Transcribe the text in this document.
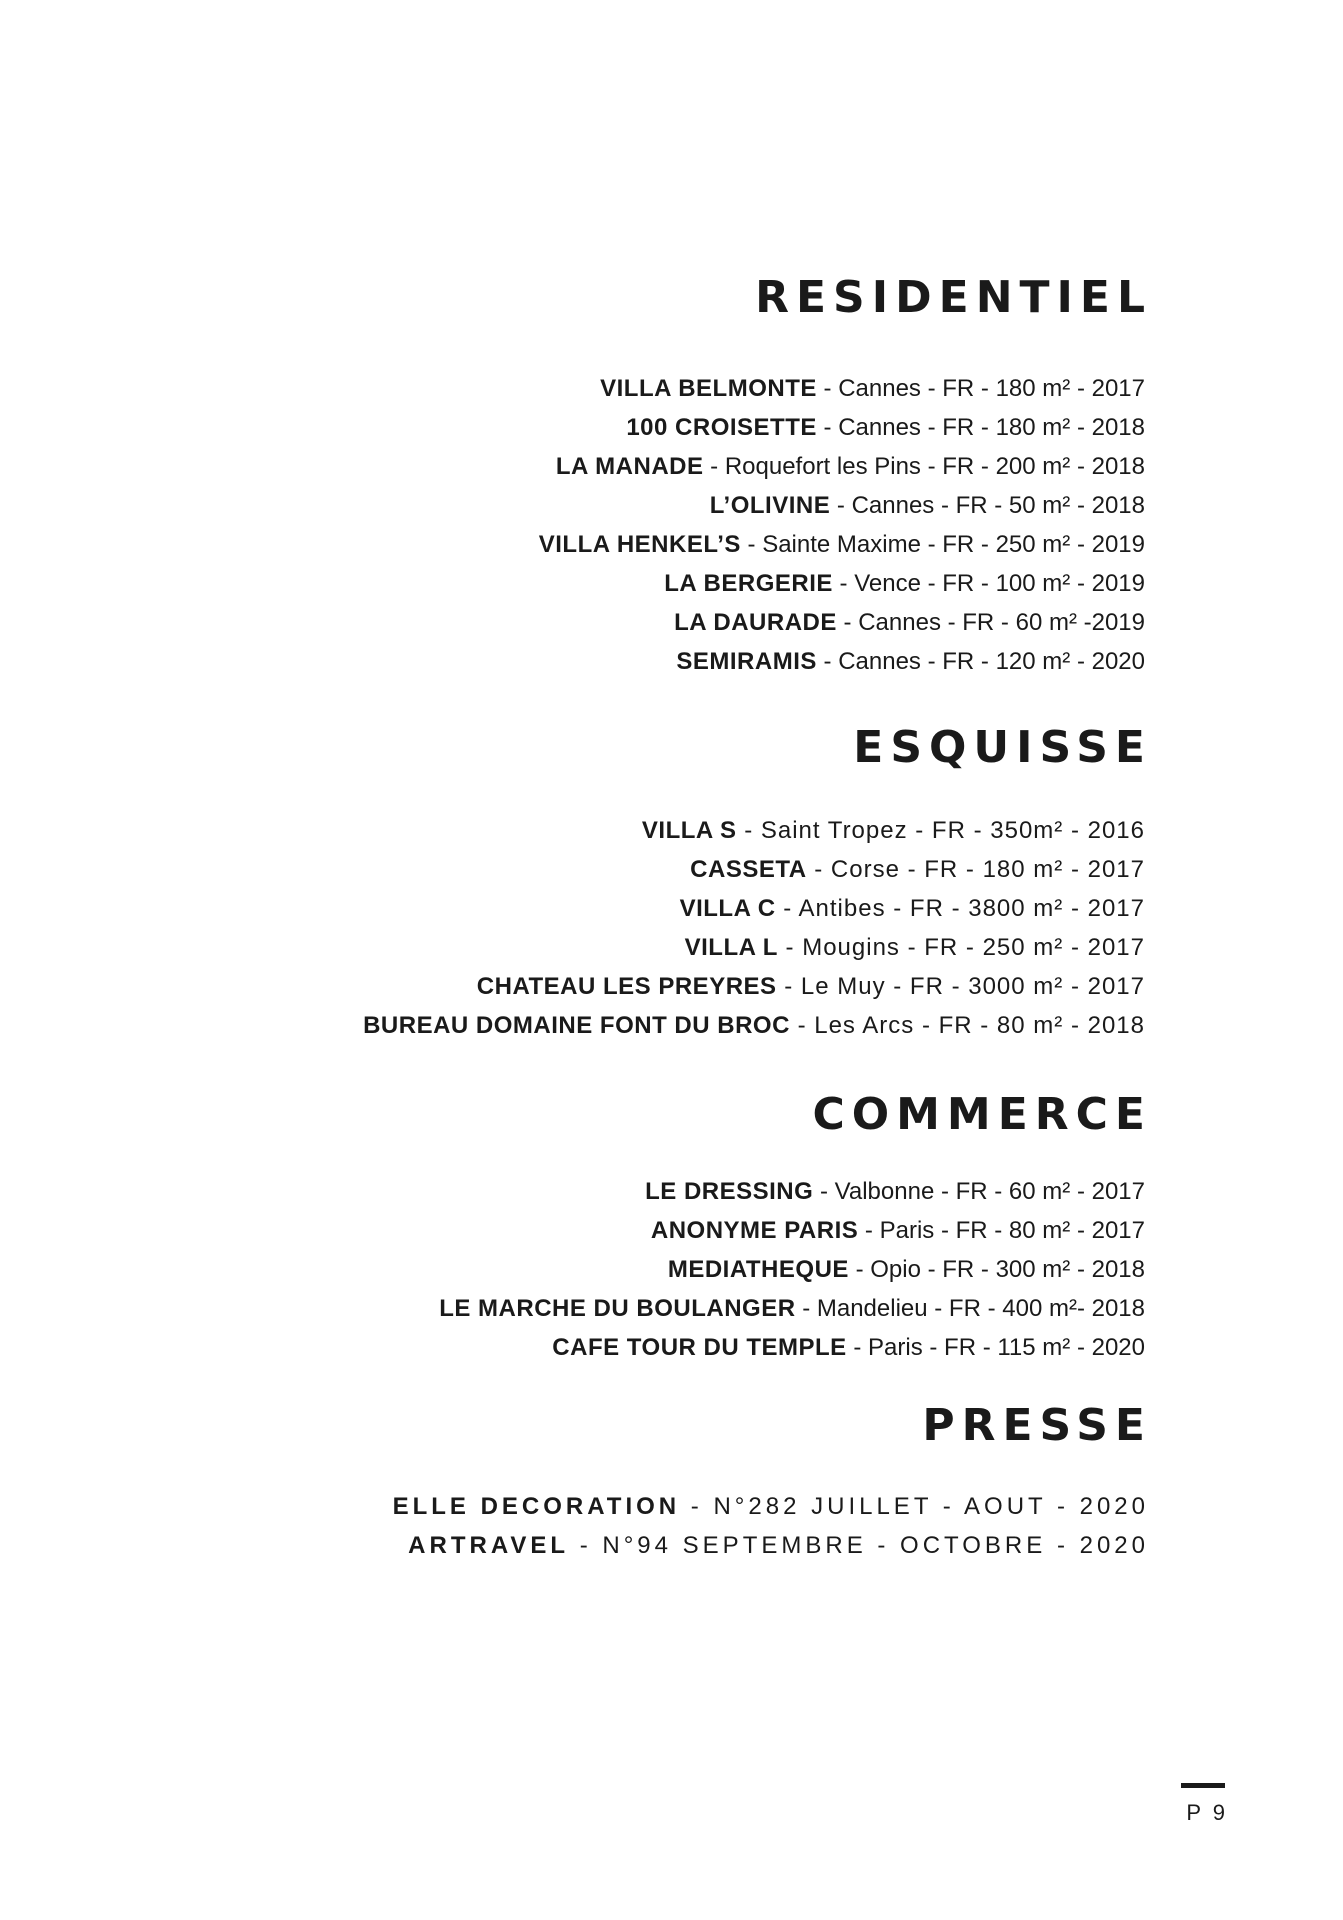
RESIDENTIEL
VILLA BELMONTE - Cannes - FR - 180 m² - 2017
100 CROISETTE - Cannes - FR - 180 m² - 2018
LA MANADE - Roquefort les Pins - FR - 200 m² - 2018
L’OLIVINE - Cannes - FR - 50 m² - 2018
VILLA HENKEL’S - Sainte Maxime - FR - 250 m² - 2019
LA BERGERIE - Vence - FR - 100 m² - 2019
LA DAURADE - Cannes - FR - 60 m² -2019
SEMIRAMIS - Cannes - FR - 120 m² - 2020
ESQUISSE
VILLA S - Saint Tropez - FR - 350m² - 2016
CASSETA - Corse - FR - 180 m² - 2017
VILLA C - Antibes - FR - 3800 m² - 2017
VILLA L - Mougins - FR - 250 m² - 2017
CHATEAU LES PREYRES - Le Muy - FR - 3000 m² - 2017
BUREAU DOMAINE FONT DU BROC - Les Arcs - FR - 80 m² - 2018
COMMERCE
LE DRESSING - Valbonne - FR - 60 m² - 2017
ANONYME PARIS - Paris - FR - 80 m² - 2017
MEDIATHEQUE - Opio - FR - 300 m² - 2018
LE MARCHE DU BOULANGER - Mandelieu - FR - 400 m²- 2018
CAFE TOUR DU TEMPLE - Paris - FR - 115 m² - 2020
PRESSE
ELLE DECORATION - N°282 JUILLET - AOUT - 2020
ARTRAVEL - N°94 SEPTEMBRE - OCTOBRE - 2020
P 9
